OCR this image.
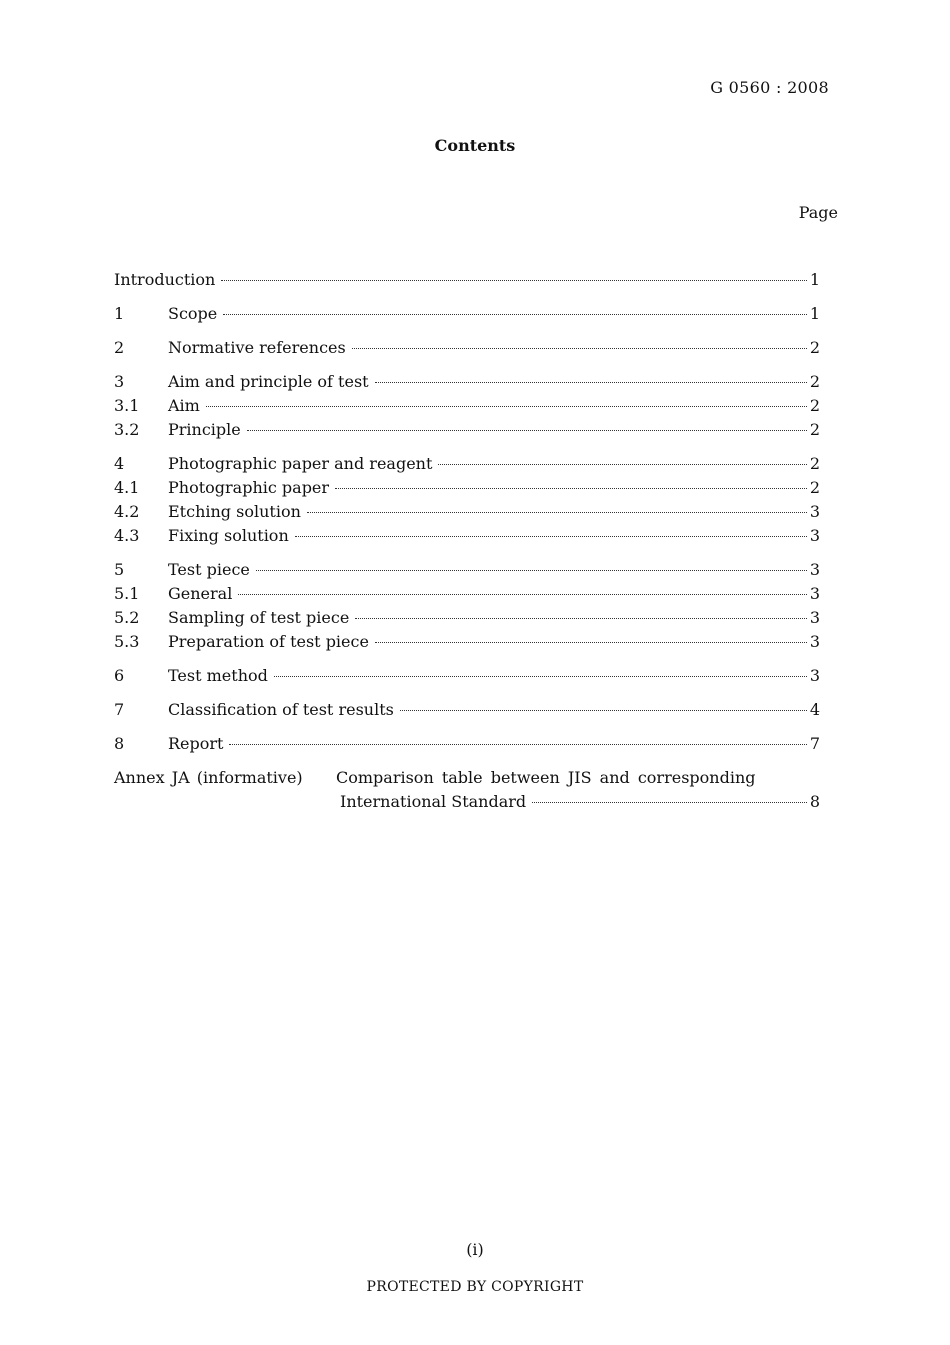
G 0560 : 2008
Contents
Page
Introduction	1
1	Scope	1
2	Normative references	2
3	Aim and principle of test	2
3.1	Aim	2
3.2	Principle	2
4	Photographic paper and reagent	2
4.1	Photographic paper	2
4.2	Etching solution	3
4.3	Fixing solution	3
5	Test piece	3
5.1	General	3
5.2	Sampling of test piece	3
5.3	Preparation of test piece	3
6	Test method	3
7	Classification of test results	4
8	Report	7
Annex JA (informative)	Comparison table between JIS and corresponding
International Standard	8
(i)
PROTECTED BY COPYRIGHT
